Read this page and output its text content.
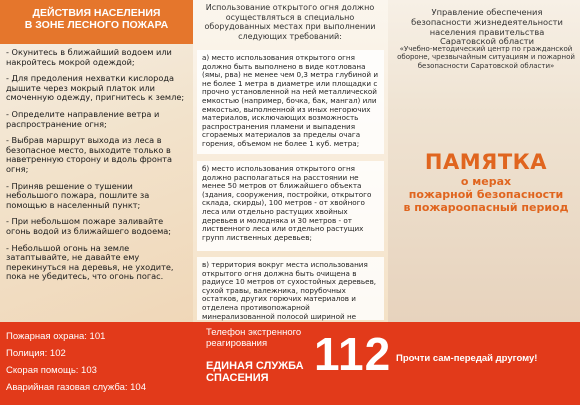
ДЕЙСТВИЯ НАСЕЛЕНИЯ
В ЗОНЕ ЛЕСНОГО ПОЖАРА

- Окунитесь в ближайший водоем или накройтесь мокрой одеждой;

- Для предоления нехватки кислорода дышите через мокрый платок или смоченную одежду, пригнитесь к земле;

- Определите направление ветра и распространение огня;

- Выбрав маршрут выхода из леса в безопасное место, выходите только в наветренную сторону и вдоль фронта огня;

- Приняв решение о тушении небольшого пожара, пошлите за помощью в населенный пункт;

- При небольшом пожаре заливайте огонь водой из ближайшего водоема;

- Небольшой огонь на земле затаптывайте, не давайте ему перекинуться на деревья, не уходите, пока не убедитесь, что огонь погас.

Использование открытого огня должно осуществляться в специально оборудованных местах при выполнении следующих требований:
а) место использования открытого огня должно быть выполнено в виде котлована (ямы, рва) не менее чем 0,3 метра глубиной и не более 1 метра в диаметре или площадки с прочно установленной на ней металлической емкостью (например, бочка, бак, мангал) или емкостью, выполненной из иных негорючих материалов, исключающих возможность распространения пламени и выпадения сгораемых материалов за пределы очага горения, объемом не более 1 куб. метра;
б) место использования открытого огня должно располагаться на расстоянии не менее 50 метров от ближайшего объекта (здания, сооружения, постройки, открытого склада, скирды), 100 метров - от хвойного леса или отдельно растущих хвойных деревьев и молодняка и 30 метров - от лиственного леса или отдельно растущих групп лиственных деревьев;
в) территория вокруг места использования открытого огня должна быть очищена в радиусе 10 метров от сухостойных деревьев, сухой травы, валежника, порубочных остатков, других горючих материалов и отделена противопожарной минерализованной полосой шириной не
Управление обеспечения
безопасности жизнедеятельности
населения правительства
Саратовской области
«Учебно-методический центр по гражданской обороне, чрезвычайным ситуациям и пожарной безопасности Саратовской области»
ПАМЯТКА
о мерах
пожарной безопасности
в пожароопасный период
Пожарная охрана: 101
Полиция: 102
Скорая помощь: 103
Аварийная газовая служба: 104
Телефон экстренного
реагирования
ЕДИНАЯ СЛУЖБА
СПАСЕНИЯ 112 Прочти сам-передай другому!
